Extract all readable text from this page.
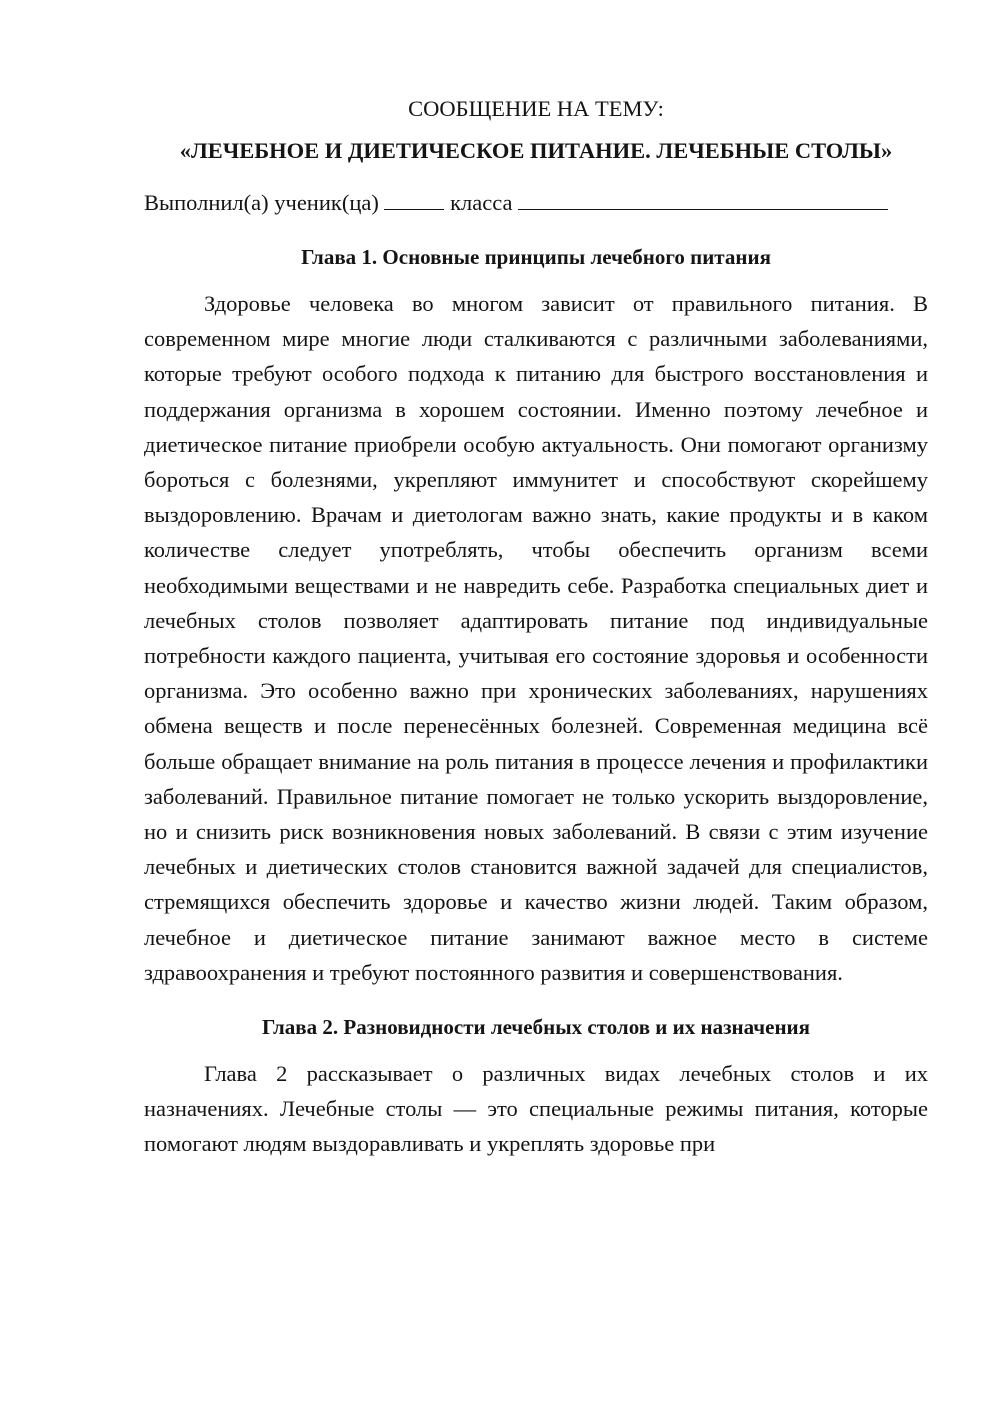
СООБЩЕНИЕ НА ТЕМУ:
«ЛЕЧЕБНОЕ И ДИЕТИЧЕСКОЕ ПИТАНИЕ. ЛЕЧЕБНЫЕ СТОЛЫ»

Выполнил(а) ученик(ца)	класса

Глава 1. Основные принципы лечебного питания

Здоровье человека во многом зависит от правильного питания. В современном мире многие люди сталкиваются с различными заболеваниями, которые требуют особого подхода к питанию для быстрого восстановления и поддержания организма в хорошем состоянии. Именно поэтому лечебное и диетическое питание приобрели особую актуальность. Они помогают организму бороться с болезнями, укрепляют иммунитет и способствуют скорейшему выздоровлению. Врачам и диетологам важно знать, какие продукты и в каком количестве следует употреблять, чтобы обеспечить организм всеми необходимыми веществами и не навредить себе. Разработка специальных диет и лечебных столов позволяет адаптировать питание под индивидуальные потребности каждого пациента, учитывая его состояние здоровья и особенности организма. Это особенно важно при хронических заболеваниях, нарушениях обмена веществ и после перенесённых болезней. Современная медицина всё больше обращает внимание на роль питания в процессе лечения и профилактики заболеваний. Правильное питание помогает не только ускорить выздоровление, но и снизить риск возникновения новых заболеваний. В связи с этим изучение лечебных и диетических столов становится важной задачей для специалистов, стремящихся обеспечить здоровье и качество жизни людей. Таким образом, лечебное и диетическое питание занимают важное место в системе здравоохранения и требуют постоянного развития и совершенствования.

Глава 2. Разновидности лечебных столов и их назначения

Глава 2 рассказывает о различных видах лечебных столов и их назначениях. Лечебные столы — это специальные режимы питания, которые помогают людям выздоравливать и укреплять здоровье при
